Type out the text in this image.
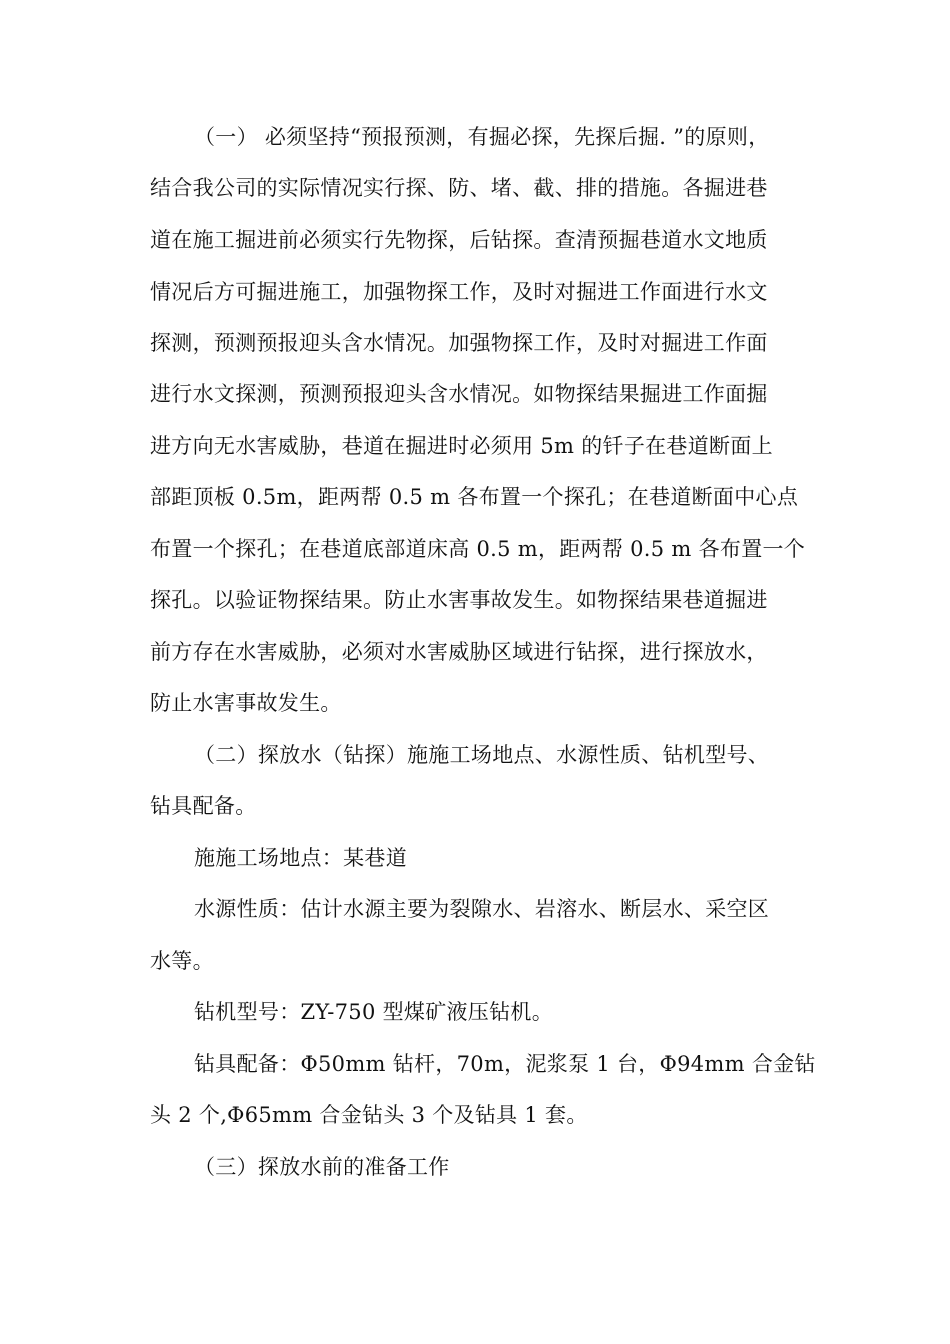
（一） 必须坚持“预报预测，有掘必探，先探后掘. ”的原则，
结合我公司的实际情况实行探、防、堵、截、排的措施。各掘进巷
道在施工掘进前必须实行先物探，后钻探。查清预掘巷道水文地质
情况后方可掘进施工，加强物探工作，及时对掘进工作面进行水文
探测，预测预报迎头含水情况。加强物探工作，及时对掘进工作面
进行水文探测，预测预报迎头含水情况。如物探结果掘进工作面掘
进方向无水害威胁，巷道在掘进时必须用 5m 的钎子在巷道断面上
部距顶板 0.5m，距两帮 0.5 m 各布置一个探孔；在巷道断面中心点
布置一个探孔；在巷道底部道床高 0.5 m，距两帮 0.5 m 各布置一个
探孔。以验证物探结果。防止水害事故发生。如物探结果巷道掘进
前方存在水害威胁，必须对水害威胁区域进行钻探，进行探放水，
防止水害事故发生。
（二）探放水（钻探）施施工场地点、水源性质、钻机型号、
钻具配备。
施施工场地点：某巷道
水源性质：估计水源主要为裂隙水、岩溶水、断层水、采空区
水等。
钻机型号：ZY-750 型煤矿液压钻机。
钻具配备：Φ50mm 钻杆，70m，泥浆泵 1 台，Φ94mm 合金钻
头 2 个,Φ65mm 合金钻头 3 个及钻具 1 套。
（三）探放水前的准备工作
